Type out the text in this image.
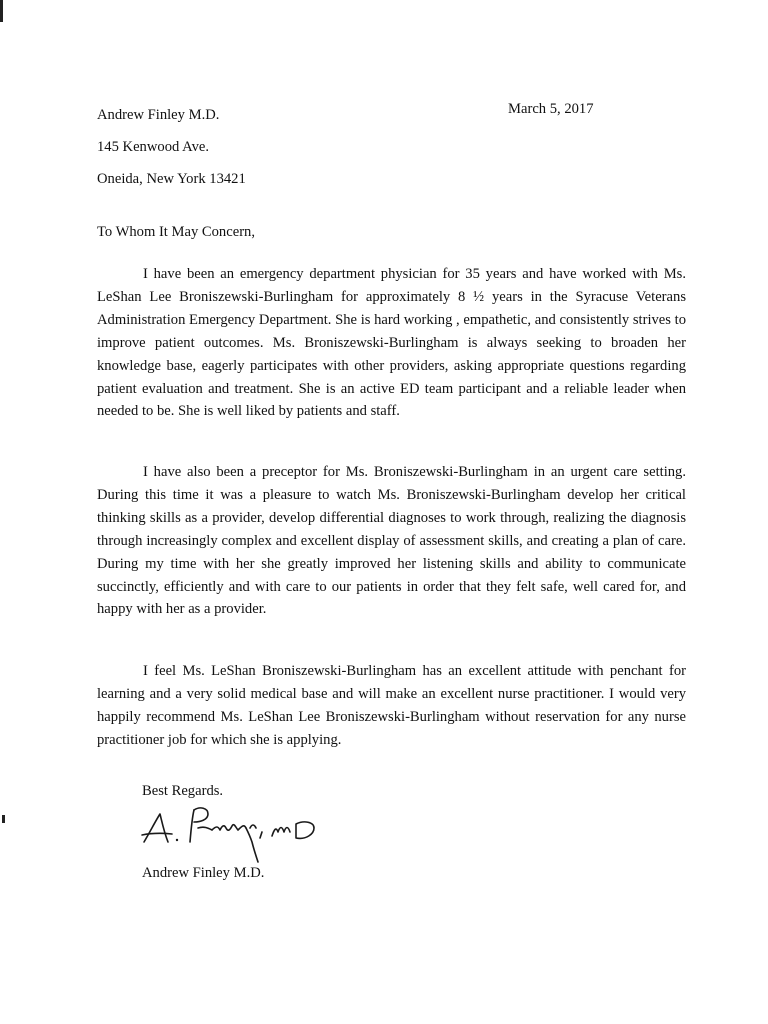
Andrew Finley M.D.
145 Kenwood Ave.
Oneida, New York 13421
March 5, 2017
To Whom It May Concern,

I have been an emergency department physician for 35 years and have worked with Ms. LeShan Lee Broniszewski-Burlingham for approximately 8 ½ years in the Syracuse Veterans Administration Emergency Department. She is hard working , empathetic, and consistently strives to improve patient outcomes. Ms. Broniszewski-Burlingham is always seeking to broaden her knowledge base, eagerly participates with other providers, asking appropriate questions regarding patient evaluation and treatment. She is an active ED team participant and a reliable leader when needed to be. She is well liked by patients and staff.

I have also been a preceptor for Ms. Broniszewski-Burlingham in an urgent care setting. During this time it was a pleasure to watch Ms. Broniszewski-Burlingham develop her critical thinking skills as a provider, develop differential diagnoses to work through, realizing the diagnosis through increasingly complex and excellent display of assessment skills, and creating a plan of care. During my time with her she greatly improved her listening skills and ability to communicate succinctly, efficiently and with care to our patients in order that they felt safe, well cared for, and happy with her as a provider.

I feel Ms. LeShan Broniszewski-Burlingham has an excellent attitude with penchant for learning and a very solid medical base and will make an excellent nurse practitioner. I would very happily recommend Ms. LeShan Lee Broniszewski-Burlingham without reservation for any nurse practitioner job for which she is applying.

Best Regards.
Andrew Finley M.D.
